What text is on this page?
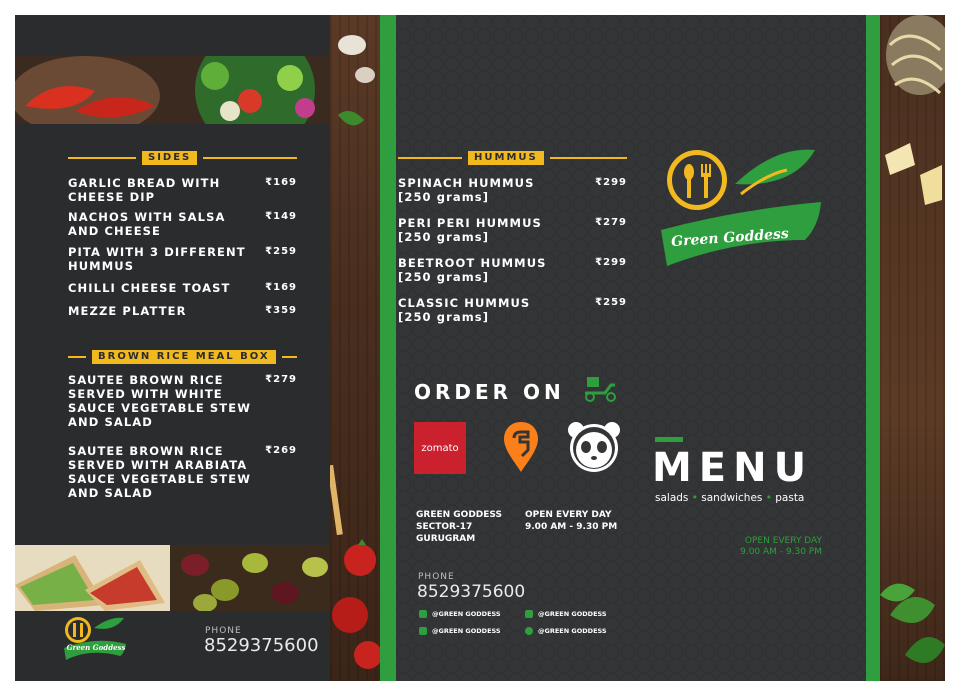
SIDES
GARLIC BREAD WITH
CHEESE DIP
₹169
NACHOS WITH SALSA
AND CHEESE
₹149
PITA WITH 3 DIFFERENT
HUMMUS
₹259
CHILLI CHEESE TOAST	₹169
MEZZE PLATTER	₹359
BROWN RICE MEAL BOX
SAUTEE BROWN RICE
SERVED WITH WHITE
SAUCE VEGETABLE STEW
AND SALAD
₹279
SAUTEE BROWN RICE
SERVED WITH ARABIATA
SAUCE VEGETABLE STEW
AND SALAD
₹269
Green Goddess
PHONE
8529375600
HUMMUS
SPINACH HUMMUS
[250 grams]
₹299
PERI PERI HUMMUS
[250 grams]
₹279
BEETROOT HUMMUS
[250 grams]
₹299
CLASSIC HUMMUS
[250 grams]
₹259
ORDER ON
zomato
GREEN GODDESS
SECTOR-17
GURUGRAM
OPEN EVERY DAY
9.00 AM - 9.30 PM
PHONE
8529375600
@GREEN GODDESS	@GREEN GODDESS
@GREEN GODDESS	@GREEN GODDESS
Green Goddess
MENU
salads • sandwiches • pasta
OPEN EVERY DAY
9.00 AM - 9.30 PM
